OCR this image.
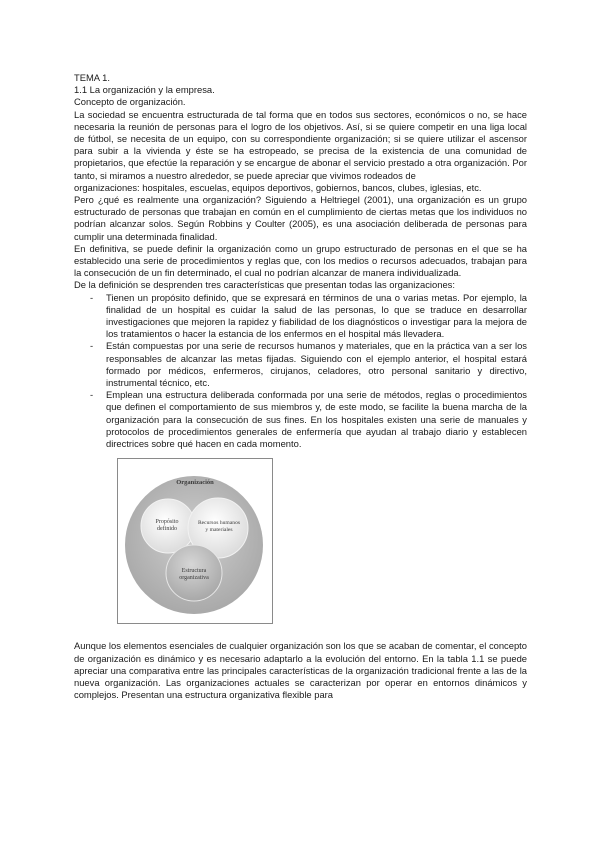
TEMA 1.

1.1 La organización y la empresa.

Concepto de organización.

La sociedad se encuentra estructurada de tal forma que en todos sus sectores, económicos o no, se hace necesaria la reunión de personas para el logro de los objetivos. Así, si se quiere competir en una liga local de fútbol, se necesita de un equipo, con su correspondiente organización; si se quiere utilizar el ascensor para subir a la vivienda y éste se ha estropeado, se precisa de la existencia de una comunidad de propietarios, que efectúe la reparación y se encargue de abonar el servicio prestado a otra organización. Por tanto, si miramos a nuestro alrededor, se puede apreciar que vivimos rodeados de

organizaciones: hospitales, escuelas, equipos deportivos, gobiernos, bancos, clubes, iglesias, etc.

Pero ¿qué es realmente una organización? Siguiendo a Heltriegel (2001), una organización es un grupo estructurado de personas que trabajan en común en el cumplimiento de ciertas metas que los individuos no podrían alcanzar solos. Según Robbins y Coulter (2005), es una asociación deliberada de personas para cumplir una determinada finalidad.

En definitiva, se puede definir la organización como un grupo estructurado de personas en el que se ha establecido una serie de procedimientos y reglas que, con los medios o recursos adecuados, trabajan para la consecución de un fin determinado, el cual no podrían alcanzar de manera individualizada.

De la definición se desprenden tres características que presentan todas las organizaciones:

- Tienen un propósito definido, que se expresará en términos de una o varias metas. Por ejemplo, la finalidad de un hospital es cuidar la salud de las personas, lo que se traduce en desarrollar investigaciones que mejoren la rapidez y fiabilidad de los diagnósticos o investigar para la mejora de los tratamientos o hacer la estancia de los enfermos en el hospital más llevadera.
- Están compuestas por una serie de recursos humanos y materiales, que en la práctica van a ser los responsables de alcanzar las metas fijadas. Siguiendo con el ejemplo anterior, el hospital estará formado por médicos, enfermeros, cirujanos, celadores, otro personal sanitario y directivo, instrumental técnico, etc.
- Emplean una estructura deliberada conformada por una serie de métodos, reglas o procedimientos que definen el comportamiento de sus miembros y, de este modo, se facilite la buena marcha de la organización para la consecución de sus fines. En los hospitales existen una serie de manuales y protocolos de procedimientos generales de enfermería que ayudan al trabajo diario y establecen directrices sobre qué hacen en cada momento.
Organización
Propósito
definido
Recursos humanos
y materiales
Estructura
organizativa

Aunque los elementos esenciales de cualquier organización son los que se acaban de comentar, el concepto de organización es dinámico y es necesario adaptarlo a la evolución del entorno. En la tabla 1.1 se puede apreciar una comparativa entre las principales características de la organización tradicional frente a las de la nueva organización. Las organizaciones actuales se caracterizan por operar en entornos dinámicos y complejos. Presentan una estructura organizativa flexible para
